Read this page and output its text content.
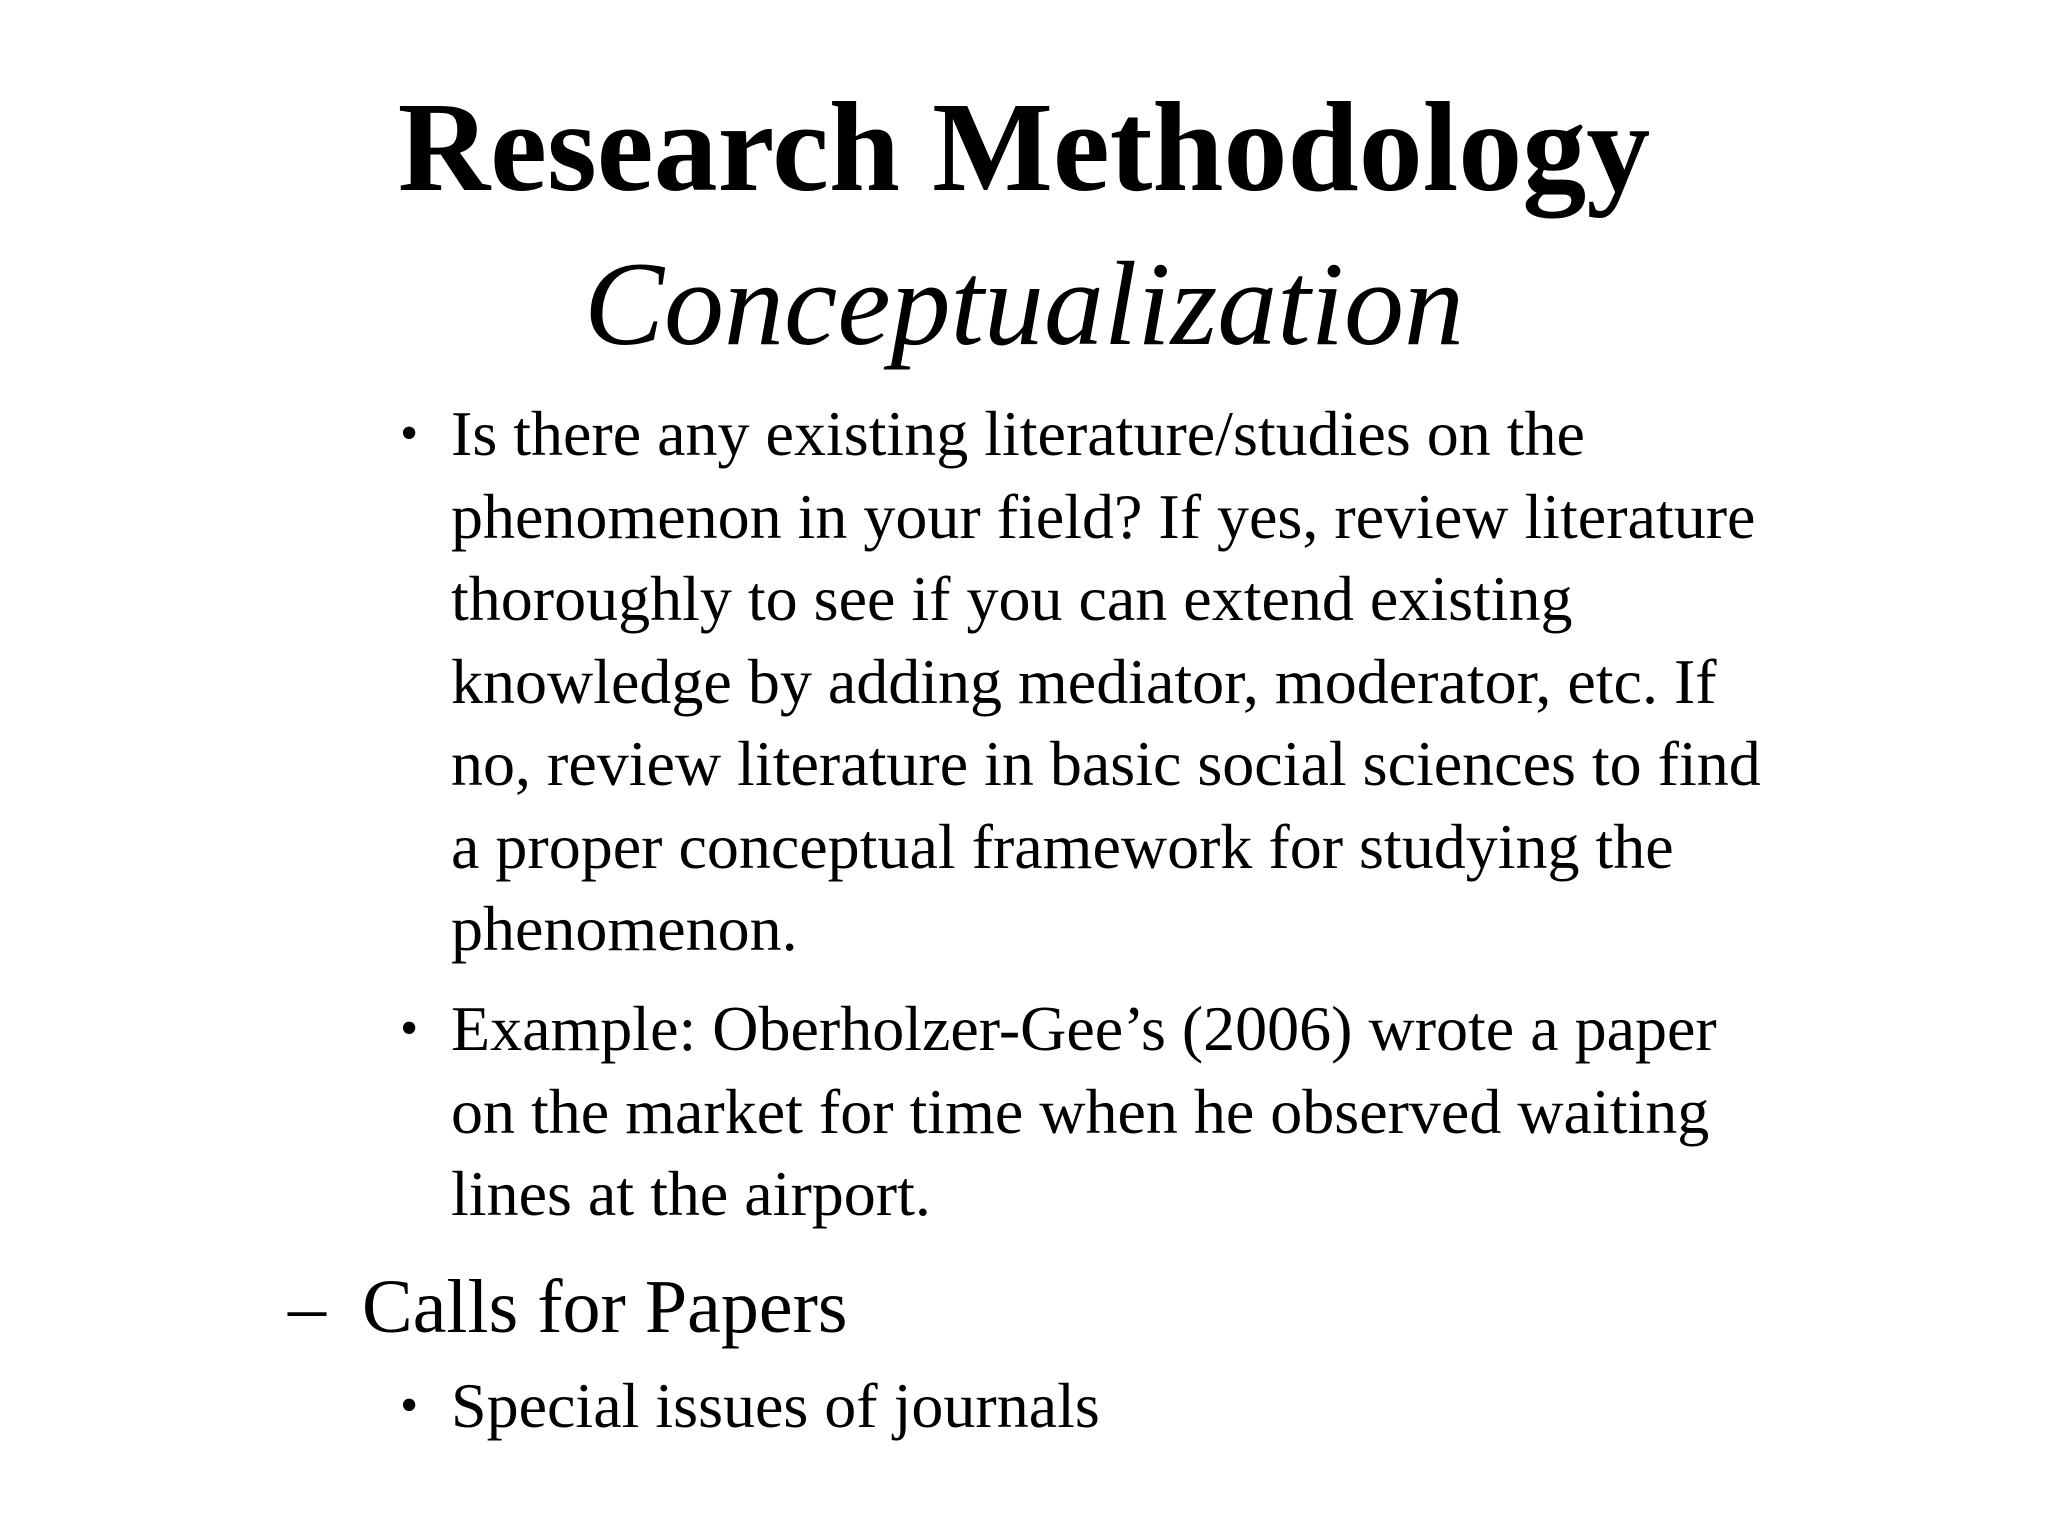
Research Methodology
Conceptualization
• Is there any existing literature/studies on the
phenomenon in your field? If yes, review literature
thoroughly to see if you can extend existing
knowledge by adding mediator, moderator, etc. If
no, review literature in basic social sciences to find
a proper conceptual framework for studying the
phenomenon.
• Example: Oberholzer-Gee’s (2006) wrote a paper
on the market for time when he observed waiting
lines at the airport.
– Calls for Papers
• Special issues of journals
